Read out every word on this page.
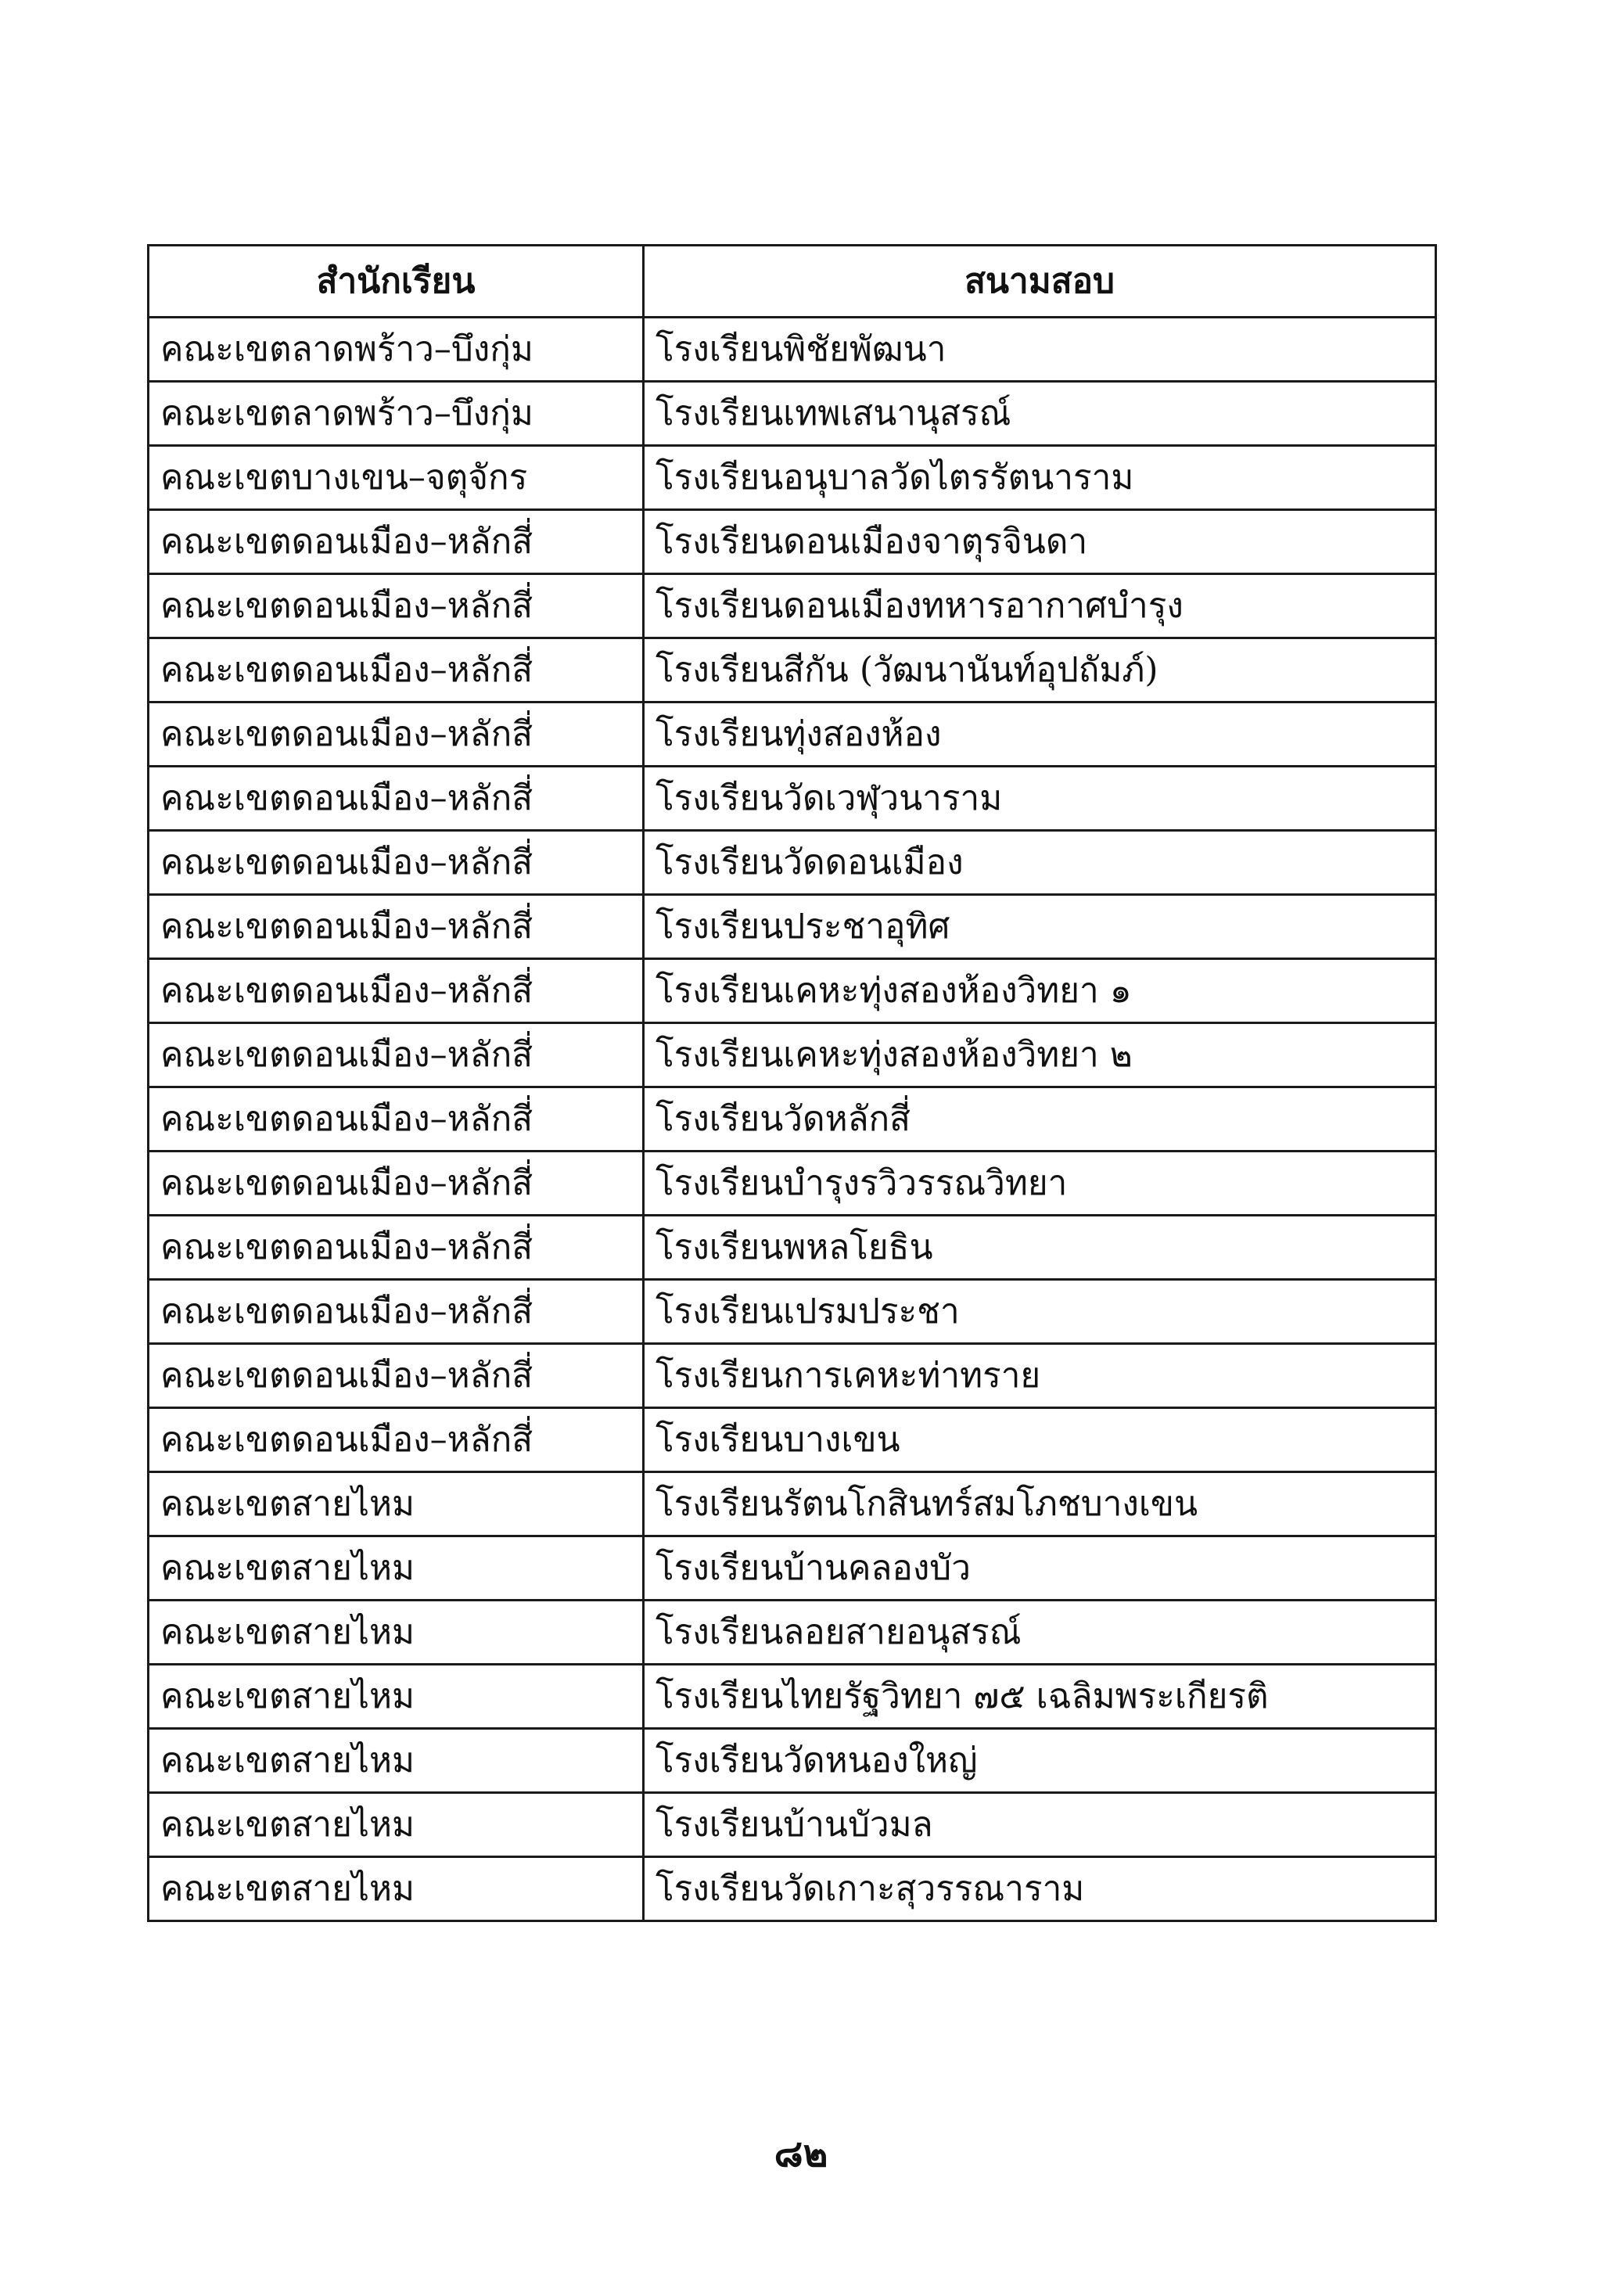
สำนักเรียน	สนามสอบ
คณะเขตลาดพร้าว–บึงกุ่ม	โรงเรียนพิชัยพัฒนา
คณะเขตลาดพร้าว–บึงกุ่ม	โรงเรียนเทพเสนานุสรณ์
คณะเขตบางเขน–จตุจักร	โรงเรียนอนุบาลวัดไตรรัตนาราม
คณะเขตดอนเมือง–หลักสี่	โรงเรียนดอนเมืองจาตุรจินดา
คณะเขตดอนเมือง–หลักสี่	โรงเรียนดอนเมืองทหารอากาศบำรุง
คณะเขตดอนเมือง–หลักสี่	โรงเรียนสีกัน (วัฒนานันท์อุปถัมภ์)
คณะเขตดอนเมือง–หลักสี่	โรงเรียนทุ่งสองห้อง
คณะเขตดอนเมือง–หลักสี่	โรงเรียนวัดเวฬุวนาราม
คณะเขตดอนเมือง–หลักสี่	โรงเรียนวัดดอนเมือง
คณะเขตดอนเมือง–หลักสี่	โรงเรียนประชาอุทิศ
คณะเขตดอนเมือง–หลักสี่	โรงเรียนเคหะทุ่งสองห้องวิทยา ๑
คณะเขตดอนเมือง–หลักสี่	โรงเรียนเคหะทุ่งสองห้องวิทยา ๒
คณะเขตดอนเมือง–หลักสี่	โรงเรียนวัดหลักสี่
คณะเขตดอนเมือง–หลักสี่	โรงเรียนบำรุงรวิวรรณวิทยา
คณะเขตดอนเมือง–หลักสี่	โรงเรียนพหลโยธิน
คณะเขตดอนเมือง–หลักสี่	โรงเรียนเปรมประชา
คณะเขตดอนเมือง–หลักสี่	โรงเรียนการเคหะท่าทราย
คณะเขตดอนเมือง–หลักสี่	โรงเรียนบางเขน
คณะเขตสายไหม	โรงเรียนรัตนโกสินทร์สมโภชบางเขน
คณะเขตสายไหม	โรงเรียนบ้านคลองบัว
คณะเขตสายไหม	โรงเรียนลอยสายอนุสรณ์
คณะเขตสายไหม	โรงเรียนไทยรัฐวิทยา ๗๕ เฉลิมพระเกียรติ
คณะเขตสายไหม	โรงเรียนวัดหนองใหญ่
คณะเขตสายไหม	โรงเรียนบ้านบัวมล
คณะเขตสายไหม	โรงเรียนวัดเกาะสุวรรณาราม
๘๒
